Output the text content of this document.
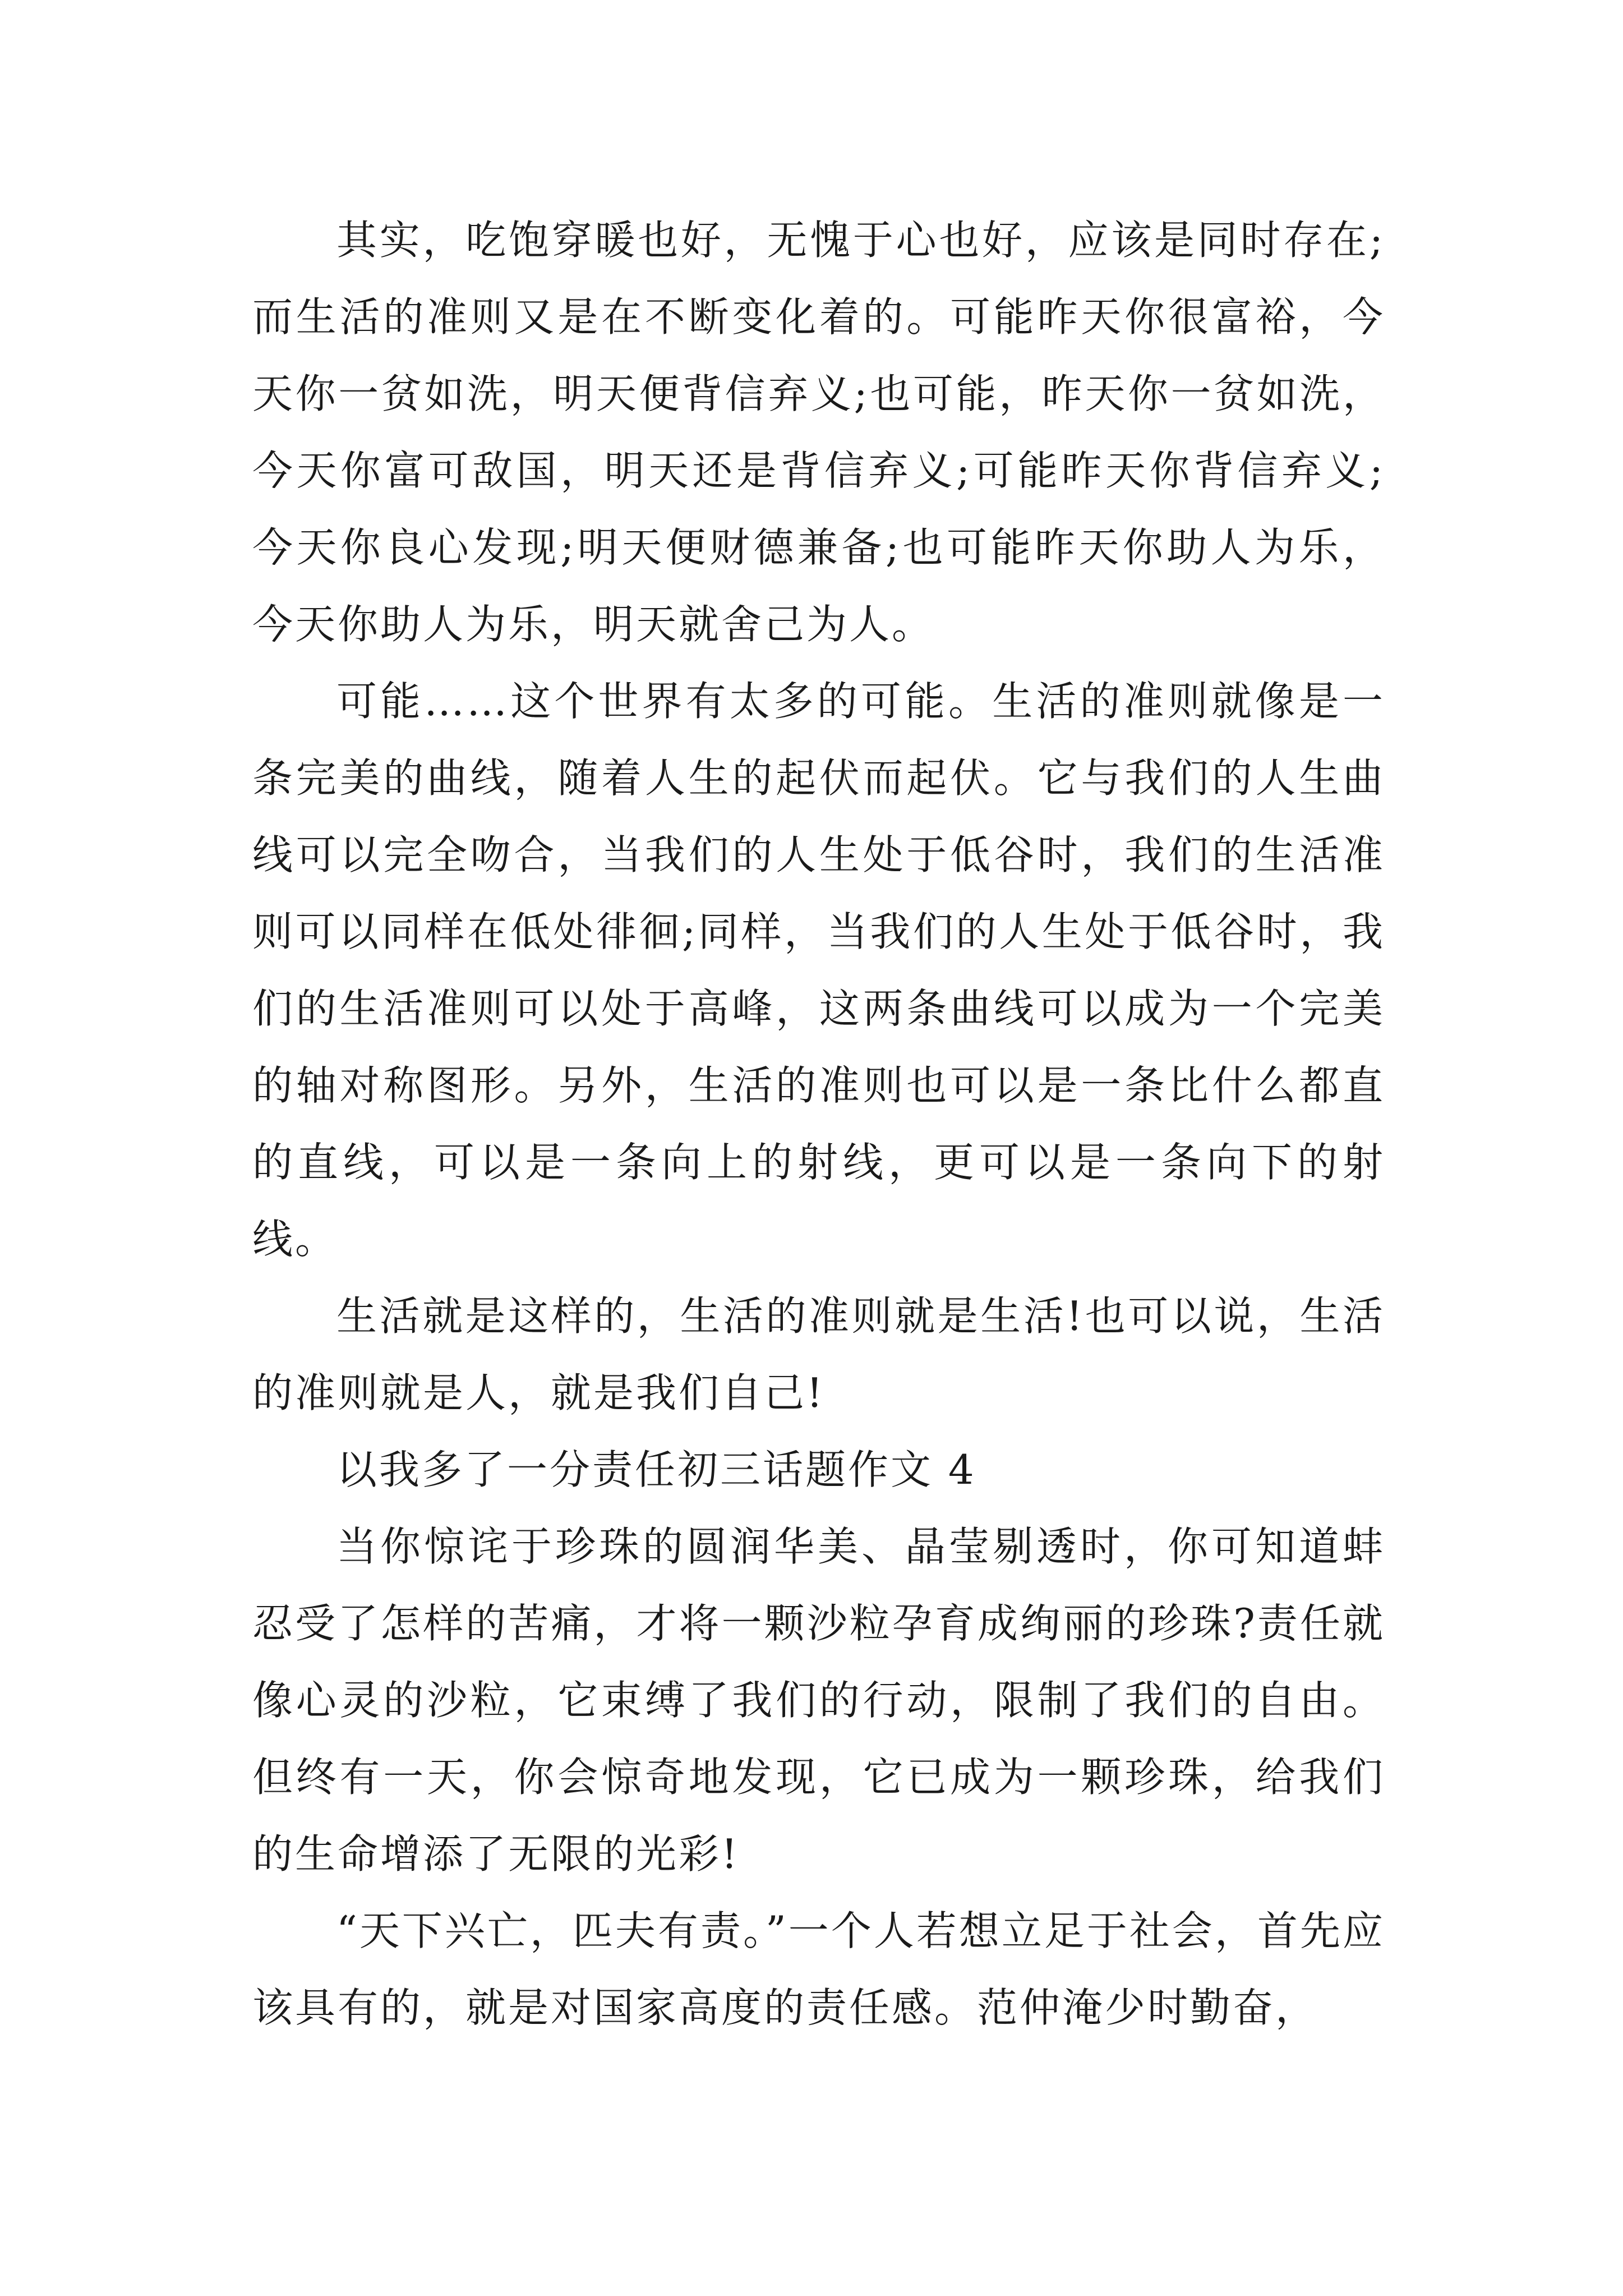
其实，吃饱穿暖也好，无愧于心也好，应该是同时存在;而生活的准则又是在不断变化着的。可能昨天你很富裕，今天你一贫如洗，明天便背信弃义;也可能，昨天你一贫如洗，今天你富可敌国，明天还是背信弃义;可能昨天你背信弃义;今天你良心发现;明天便财德兼备;也可能昨天你助人为乐，今天你助人为乐，明天就舍己为人。

可能……这个世界有太多的可能。生活的准则就像是一条完美的曲线，随着人生的起伏而起伏。它与我们的人生曲线可以完全吻合，当我们的人生处于低谷时，我们的生活准则可以同样在低处徘徊;同样，当我们的人生处于低谷时，我们的生活准则可以处于高峰，这两条曲线可以成为一个完美的轴对称图形。另外，生活的准则也可以是一条比什么都直的直线，可以是一条向上的射线，更可以是一条向下的射线。

生活就是这样的，生活的准则就是生活!也可以说，生活的准则就是人，就是我们自己!

以我多了一分责任初三话题作文 4

当你惊诧于珍珠的圆润华美、晶莹剔透时，你可知道蚌忍受了怎样的苦痛，才将一颗沙粒孕育成绚丽的珍珠?责任就像心灵的沙粒，它束缚了我们的行动，限制了我们的自由。但终有一天，你会惊奇地发现，它已成为一颗珍珠，给我们的生命增添了无限的光彩!

“天下兴亡，匹夫有责。”一个人若想立足于社会，首先应该具有的，就是对国家高度的责任感。范仲淹少时勤奋，
